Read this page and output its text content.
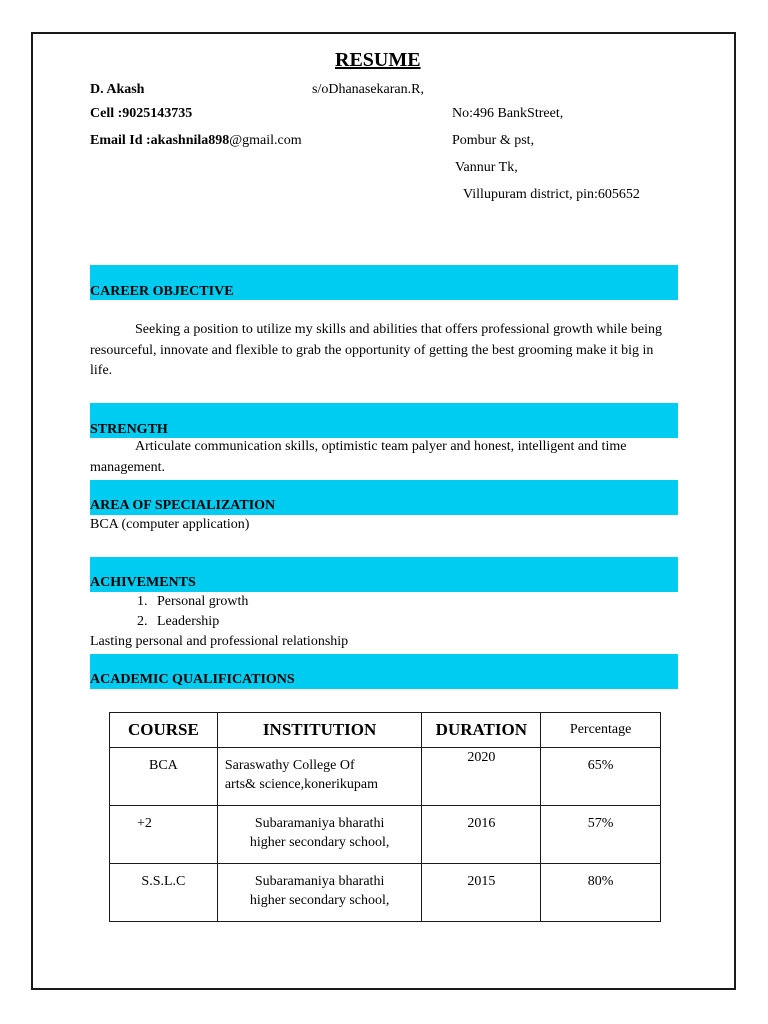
RESUME
D. Akash	s/oDhanasekaran.R,
Cell :9025143735
Email Id :akashnila898@gmail.com
No:496 BankStreet,
Pombur & pst,
Vannur Tk,
Villupuram district, pin:605652
CAREER OBJECTIVE
Seeking a position to utilize my skills and abilities that offers professional growth while being resourceful, innovate and flexible to grab the opportunity of getting the best grooming make it big in life.
STRENGTH
Articulate communication skills, optimistic team palyer and honest, intelligent and time management.
AREA OF SPECIALIZATION
BCA (computer application)
ACHIVEMENTS
1. Personal growth
2. Leadership
Lasting personal and professional relationship
ACADEMIC QUALIFICATIONS
COURSE	INSTITUTION	DURATION	Percentage

BCA	Saraswathy College Of
arts& science,konerikupam	2020	65%

+2	Subaramaniya bharathi
higher secondary school,	2016	57%

S.S.L.C	Subaramaniya bharathi
higher secondary school,	2015	80%
